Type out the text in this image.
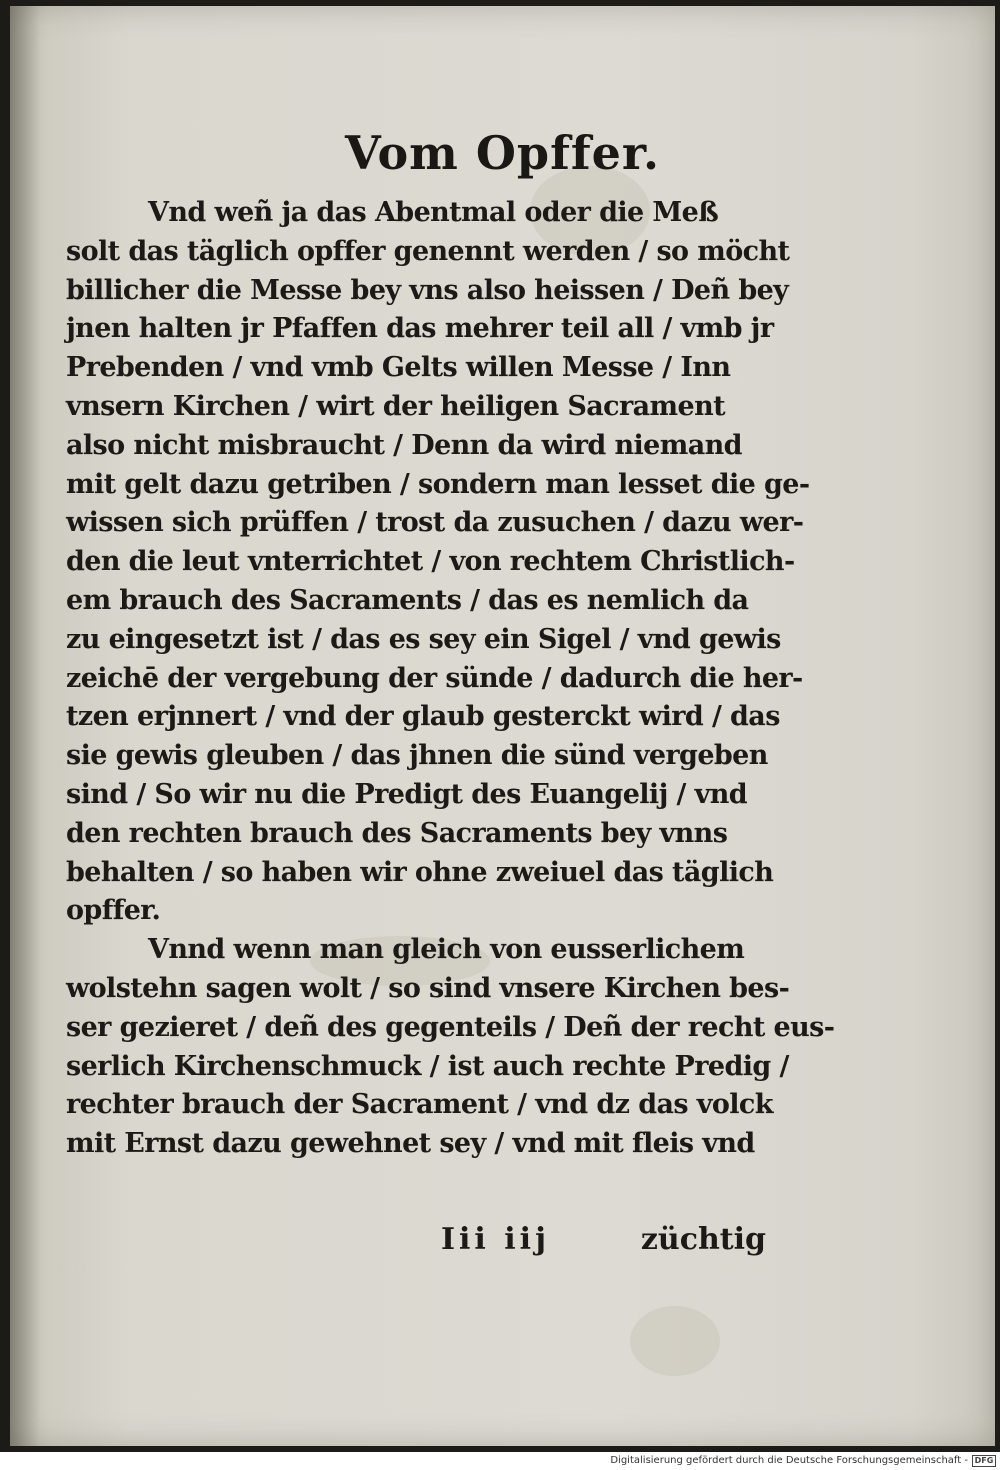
Vom Opffer.
Vnd weñ ja das Abentmal oder die Meß
solt das täglich opffer genennt werden / so möcht
billicher die Messe bey vns also heissen / Deñ bey
jnen halten jr Pfaffen das mehrer teil all / vmb jr
Prebenden / vnd vmb Gelts willen Messe / Inn
vnsern Kirchen / wirt der heiligen Sacrament
also nicht misbraucht / Denn da wird niemand
mit gelt dazu getriben / sondern man lesset die ge-
wissen sich prüffen / trost da zusuchen / dazu wer-
den die leut vnterrichtet / von rechtem Christlich-
em brauch des Sacraments / das es nemlich da
zu eingesetzt ist / das es sey ein Sigel / vnd gewis
zeichē der vergebung der sünde / dadurch die her-
tzen erjnnert / vnd der glaub gesterckt wird / das
sie gewis gleuben / das jhnen die sünd vergeben
sind / So wir nu die Predigt des Euangelij / vnd
den rechten brauch des Sacraments bey vnns
behalten / so haben wir ohne zweiuel das täglich
opffer.
Vnnd wenn man gleich von eusserlichem
wolstehn sagen wolt / so sind vnsere Kirchen bes-
ser gezieret / deñ des gegenteils / Deñ der recht eus-
serlich Kirchenschmuck / ist auch rechte Predig /
rechter brauch der Sacrament / vnd dz das volck
mit Ernst dazu gewehnet sey / vnd mit fleis vnd
Iii iij	züchtig
Digitalisierung gefördert durch die Deutsche Forschungsgemeinschaft - DFG
